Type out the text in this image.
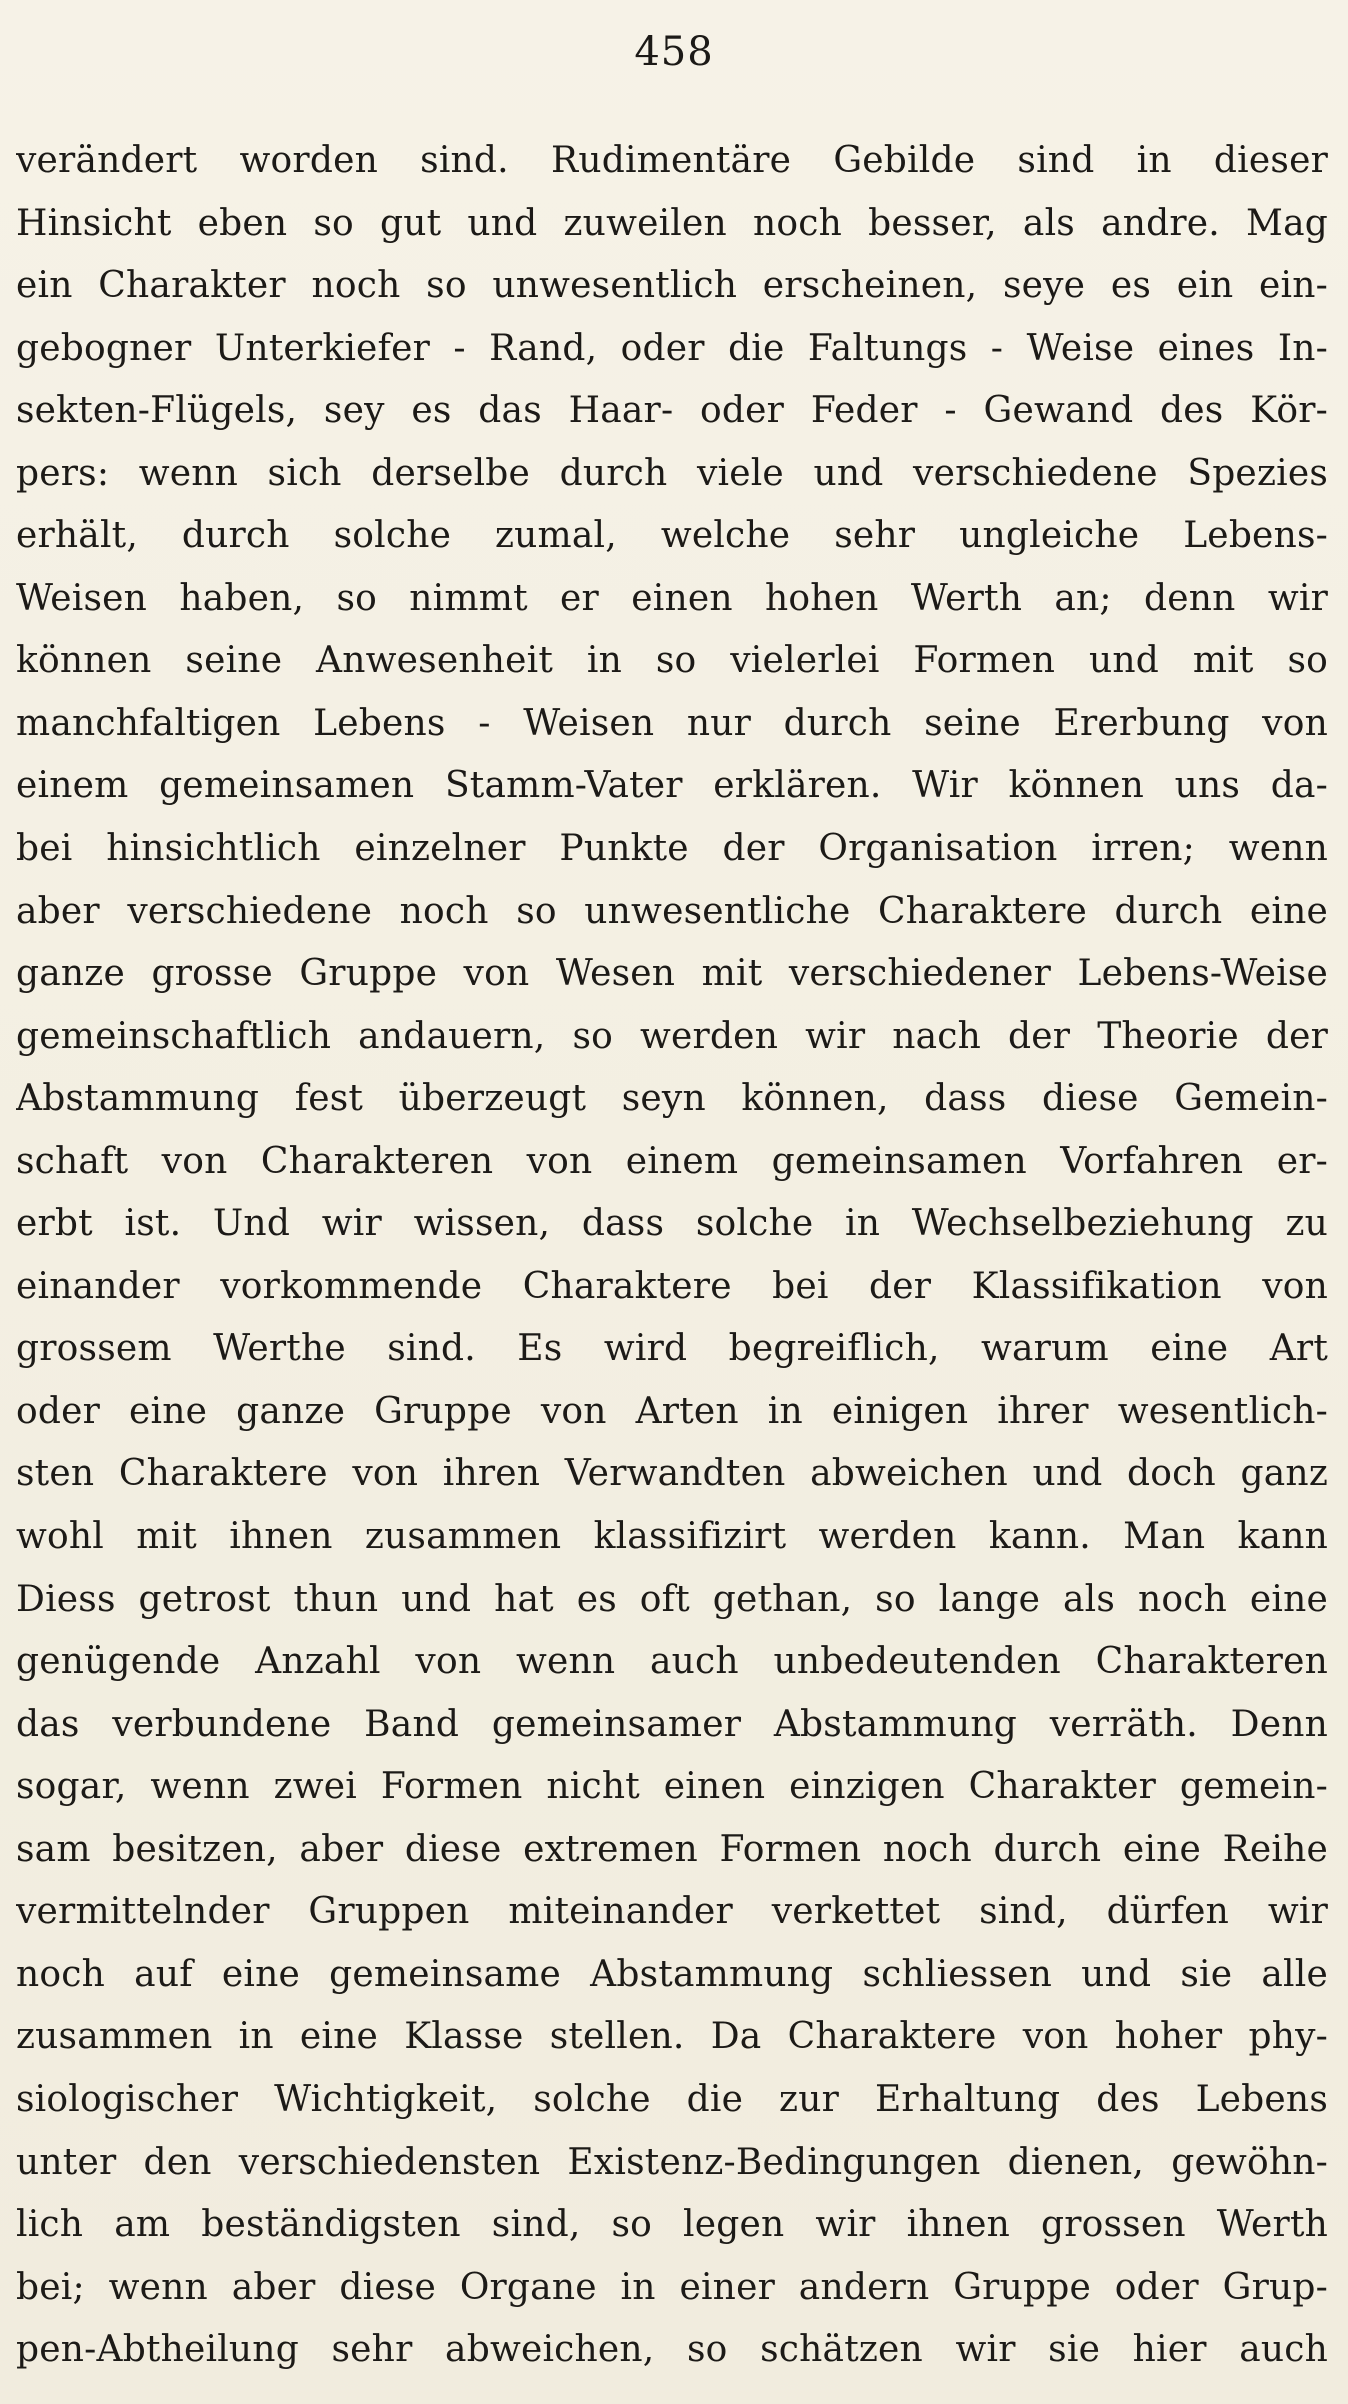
458
verändert worden sind. Rudimentäre Gebilde sind in dieser
Hinsicht eben so gut und zuweilen noch besser, als andre. Mag
ein Charakter noch so unwesentlich erscheinen, seye es ein ein-
gebogner Unterkiefer - Rand, oder die Faltungs - Weise eines In-
sekten-Flügels, sey es das Haar- oder Feder - Gewand des Kör-
pers: wenn sich derselbe durch viele und verschiedene Spezies
erhält, durch solche zumal, welche sehr ungleiche Lebens-
Weisen haben, so nimmt er einen hohen Werth an; denn wir
können seine Anwesenheit in so vielerlei Formen und mit so
manchfaltigen Lebens - Weisen nur durch seine Ererbung von
einem gemeinsamen Stamm-Vater erklären. Wir können uns da-
bei hinsichtlich einzelner Punkte der Organisation irren; wenn
aber verschiedene noch so unwesentliche Charaktere durch eine
ganze grosse Gruppe von Wesen mit verschiedener Lebens-Weise
gemeinschaftlich andauern, so werden wir nach der Theorie der
Abstammung fest überzeugt seyn können, dass diese Gemein-
schaft von Charakteren von einem gemeinsamen Vorfahren er-
erbt ist. Und wir wissen, dass solche in Wechselbeziehung zu
einander vorkommende Charaktere bei der Klassifikation von
grossem Werthe sind. Es wird begreiflich, warum eine Art
oder eine ganze Gruppe von Arten in einigen ihrer wesentlich-
sten Charaktere von ihren Verwandten abweichen und doch ganz
wohl mit ihnen zusammen klassifizirt werden kann. Man kann
Diess getrost thun und hat es oft gethan, so lange als noch eine
genügende Anzahl von wenn auch unbedeutenden Charakteren
das verbundene Band gemeinsamer Abstammung verräth. Denn
sogar, wenn zwei Formen nicht einen einzigen Charakter gemein-
sam besitzen, aber diese extremen Formen noch durch eine Reihe
vermittelnder Gruppen miteinander verkettet sind, dürfen wir
noch auf eine gemeinsame Abstammung schliessen und sie alle
zusammen in eine Klasse stellen. Da Charaktere von hoher phy-
siologischer Wichtigkeit, solche die zur Erhaltung des Lebens
unter den verschiedensten Existenz-Bedingungen dienen, gewöhn-
lich am beständigsten sind, so legen wir ihnen grossen Werth
bei; wenn aber diese Organe in einer andern Gruppe oder Grup-
pen-Abtheilung sehr abweichen, so schätzen wir sie hier auch
